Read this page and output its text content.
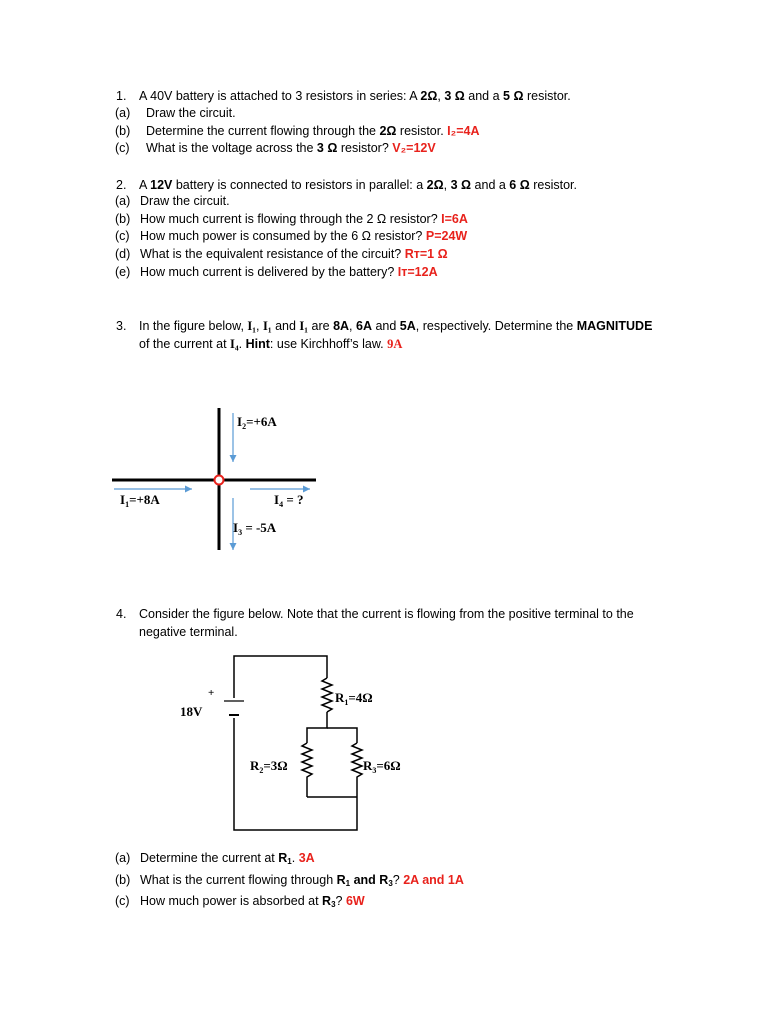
1. A 40V battery is attached to 3 resistors in series: A 2Ω, 3 Ω and a 5 Ω resistor.
(a) Draw the circuit.
(b) Determine the current flowing through the 2Ω resistor. I₂=4A
(c) What is the voltage across the 3 Ω resistor? V₂=12V
2. A 12V battery is connected to resistors in parallel: a 2Ω, 3 Ω and a 6 Ω resistor.
(a) Draw the circuit.
(b) How much current is flowing through the 2 Ω resistor? I=6A
(c) How much power is consumed by the 6 Ω resistor? P=24W
(d) What is the equivalent resistance of the circuit? Rᴛ=1 Ω
(e) How much current is delivered by the battery? Iᴛ=12A
3. In the figure below, I₁, I₁ and I₁ are 8A, 6A and 5A, respectively. Determine the MAGNITUDE
of the current at I₄. Hint: use Kirchhoff’s law. 9A
$I_2=+6A$
$I_1=+8A$	$I_4$ = ?
$I_3 = -5A$
4. Consider the figure below. Note that the current is flowing from the positive terminal to the
negative terminal.
+
18V
$R_1=4\Omega$
$R_2=3\Omega$	$R_3=6\Omega$
(a) Determine the current at $R_1$. 3A
(b) What is the current flowing through $R_1$ and $R_3$? 2A and 1A
(c) How much power is absorbed at $R_3$? 6W
